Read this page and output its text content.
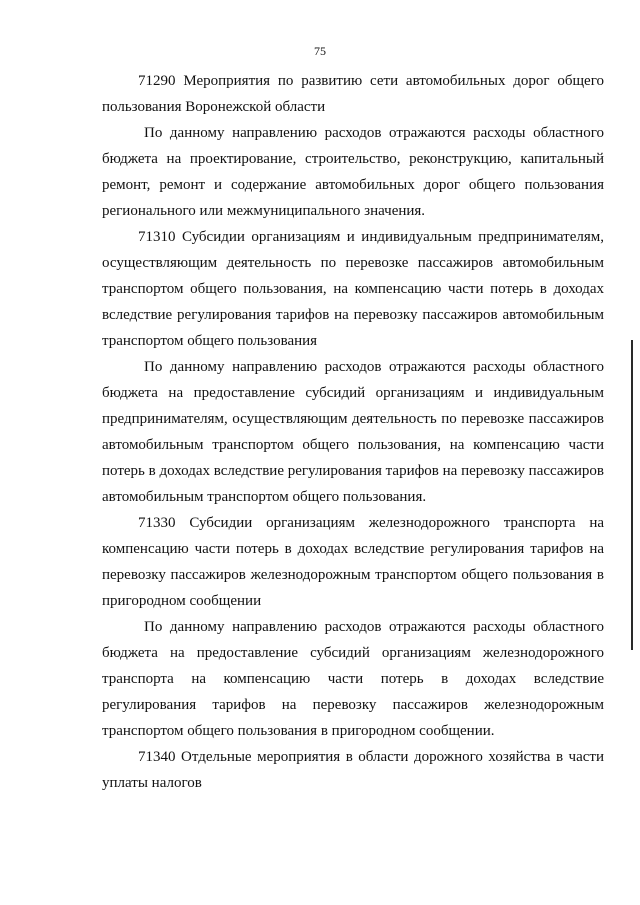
75

71290 Мероприятия по развитию сети автомобильных дорог общего пользования Воронежской области

По данному направлению расходов отражаются расходы областного бюджета на проектирование, строительство, реконструкцию, капитальный ремонт, ремонт и содержание автомобильных дорог общего пользования регионального или межмуниципального значения.

71310 Субсидии организациям и индивидуальным предпринимателям, осуществляющим деятельность по перевозке пассажиров автомобильным транспортом общего пользования, на компенсацию части потерь в доходах вследствие регулирования тарифов на перевозку пассажиров автомобильным транспортом общего пользования

По данному направлению расходов отражаются расходы областного бюджета на предоставление субсидий организациям и индивидуальным предпринимателям, осуществляющим деятельность по перевозке пассажиров автомобильным транспортом общего пользования, на компенсацию части потерь в доходах вследствие регулирования тарифов на перевозку пассажиров автомобильным транспортом общего пользования.

71330 Субсидии организациям железнодорожного транспорта на компенсацию части потерь в доходах вследствие регулирования тарифов на перевозку пассажиров железнодорожным транспортом общего пользования в пригородном сообщении

По данному направлению расходов отражаются расходы областного бюджета на предоставление субсидий организациям железнодорожного транспорта на компенсацию части потерь в доходах вследствие регулирования тарифов на перевозку пассажиров железнодорожным транспортом общего пользования в пригородном сообщении.

71340 Отдельные мероприятия в области дорожного хозяйства в части уплаты налогов
